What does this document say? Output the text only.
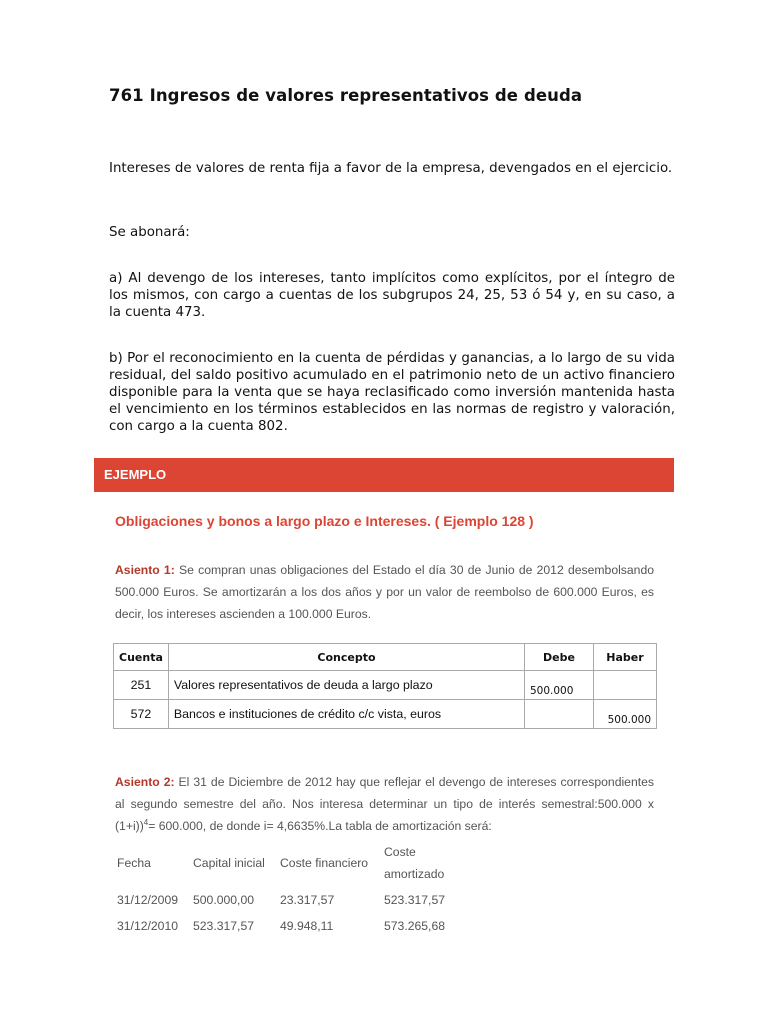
761 Ingresos de valores representativos de deuda

Intereses de valores de renta fija a favor de la empresa, devengados en el ejercicio.

Se abonará:

a) Al devengo de los intereses, tanto implícitos como explícitos, por el íntegro de los mismos, con cargo a cuentas de los subgrupos 24, 25, 53 ó 54 y, en su caso, a la cuenta 473.

b) Por el reconocimiento en la cuenta de pérdidas y ganancias, a lo largo de su vida residual, del saldo positivo acumulado en el patrimonio neto de un activo financiero disponible para la venta que se haya reclasificado como inversión mantenida hasta el vencimiento en los términos establecidos en las normas de registro y valoración, con cargo a la cuenta 802.

EJEMPLO
Obligaciones y bonos a largo plazo e Intereses. ( Ejemplo 128 )

Asiento 1: Se compran unas obligaciones del Estado el día 30 de Junio de 2012 desembolsando 500.000 Euros. Se amortizarán a los dos años y por un valor de reembolso de 600.000 Euros, es decir, los intereses ascienden a 100.000 Euros.

Cuenta	Concepto	Debe	Haber
251	Valores representativos de deuda a largo plazo	500.000	
572	Bancos e instituciones de crédito c/c vista, euros		500.000

Asiento 2: El 31 de Diciembre de 2012 hay que reflejar el devengo de intereses correspondientes al segundo semestre del año. Nos interesa determinar un tipo de interés semestral:500.000 x (1+i))$^4$= 600.000, de donde i= 4,6635%.La tabla de amortización será:

Fecha	Capital inicial	Coste financiero	Coste amortizado
31/12/2009	500.000,00	23.317,57	523.317,57
31/12/2010	523.317,57	49.948,11	573.265,68
